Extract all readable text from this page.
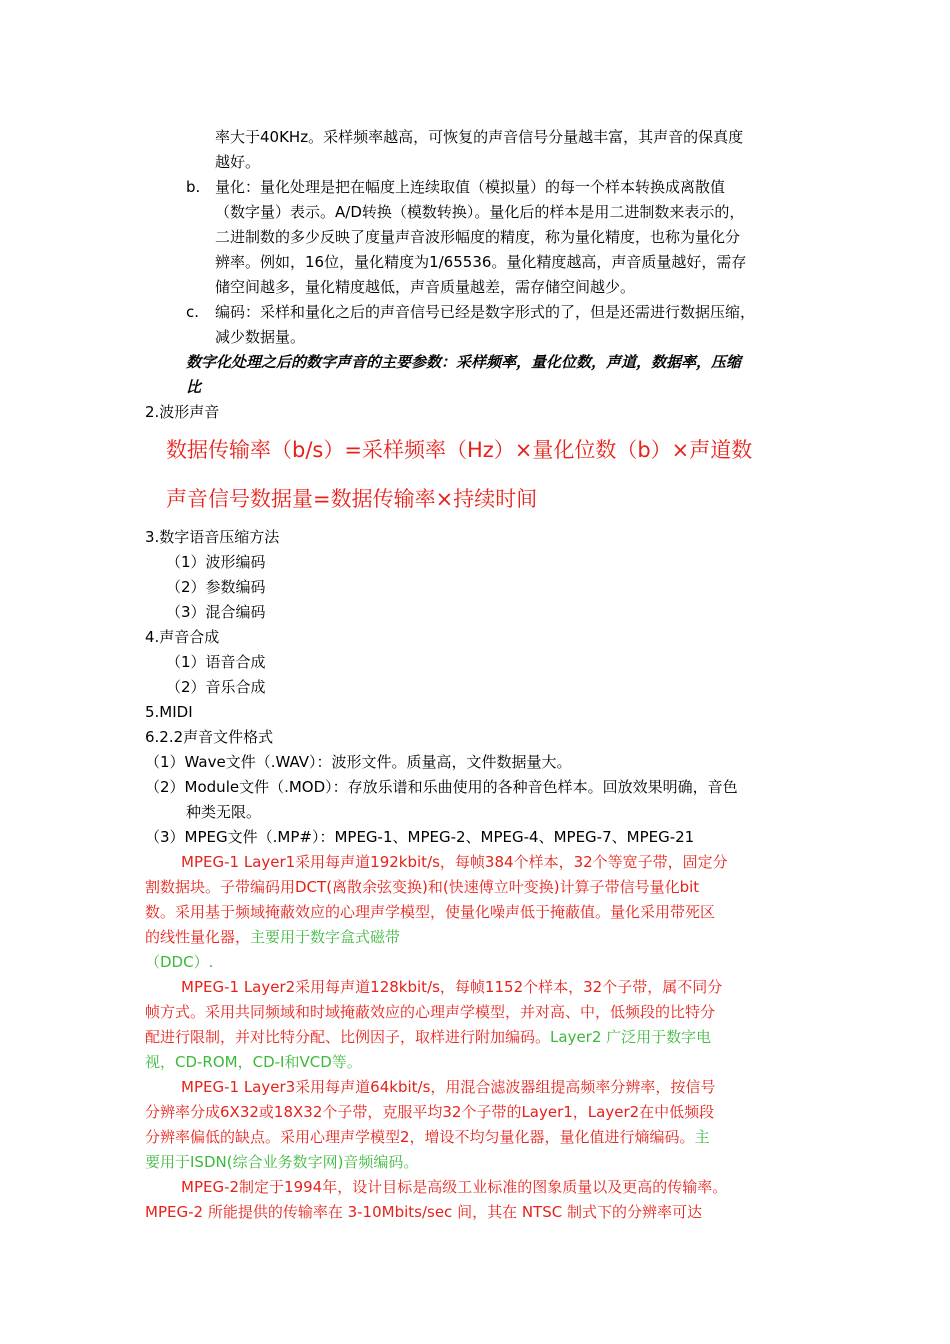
率大于40KHz。采样频率越高，可恢复的声音信号分量越丰富，其声音的保真度
越好。
b. 量化：量化处理是把在幅度上连续取值（模拟量）的每一个样本转换成离散值
（数字量）表示。A/D转换（模数转换）。量化后的样本是用二进制数来表示的，
二进制数的多少反映了度量声音波形幅度的精度，称为量化精度，也称为量化分
辨率。例如，16位，量化精度为1/65536。量化精度越高，声音质量越好，需存
储空间越多，量化精度越低，声音质量越差，需存储空间越少。
c. 编码：采样和量化之后的声音信号已经是数字形式的了，但是还需进行数据压缩，
减少数据量。
数字化处理之后的数字声音的主要参数：采样频率，量化位数，声道，数据率，压缩
比
2.波形声音
数据传输率（b/s）=采样频率（Hz）×量化位数（b）×声道数
声音信号数据量=数据传输率×持续时间
3.数字语音压缩方法
（1）波形编码
（2）参数编码
（3）混合编码
4.声音合成
（1）语音合成
（2）音乐合成
5.MIDI
6.2.2声音文件格式
（1）Wave文件（.WAV）：波形文件。质量高，文件数据量大。
（2）Module文件（.MOD）：存放乐谱和乐曲使用的各种音色样本。回放效果明确，音色
种类无限。
（3）MPEG文件（.MP#）：MPEG-1、MPEG-2、MPEG-4、MPEG-7、MPEG-21
MPEG-1 Layer1采用每声道192kbit/s，每帧384个样本，32个等宽子带，固定分
割数据块。子带编码用DCT(离散余弦变换)和(快速傅立叶变换)计算子带信号量化bit
数。采用基于频域掩蔽效应的心理声学模型，使量化噪声低于掩蔽值。量化采用带死区
的线性量化器，主要用于数字盒式磁带
（DDC）.
MPEG-1 Layer2采用每声道128kbit/s，每帧1152个样本，32个子带，属不同分
帧方式。采用共同频域和时域掩蔽效应的心理声学模型，并对高、中，低频段的比特分
配进行限制，并对比特分配、比例因子，取样进行附加编码。Layer2 广泛用于数字电
视，CD-ROM，CD-I和VCD等。
MPEG-1 Layer3采用每声道64kbit/s，用混合滤波器组提高频率分辨率，按信号
分辨率分成6X32或18X32个子带，克服平均32个子带的Layer1，Layer2在中低频段
分辨率偏低的缺点。采用心理声学模型2，增设不均匀量化器，量化值进行熵编码。主
要用于ISDN(综合业务数字网)音频编码。
MPEG-2制定于1994年，设计目标是高级工业标准的图象质量以及更高的传输率。
MPEG-2 所能提供的传输率在 3-10Mbits/sec 间，其在 NTSC 制式下的分辨率可达
